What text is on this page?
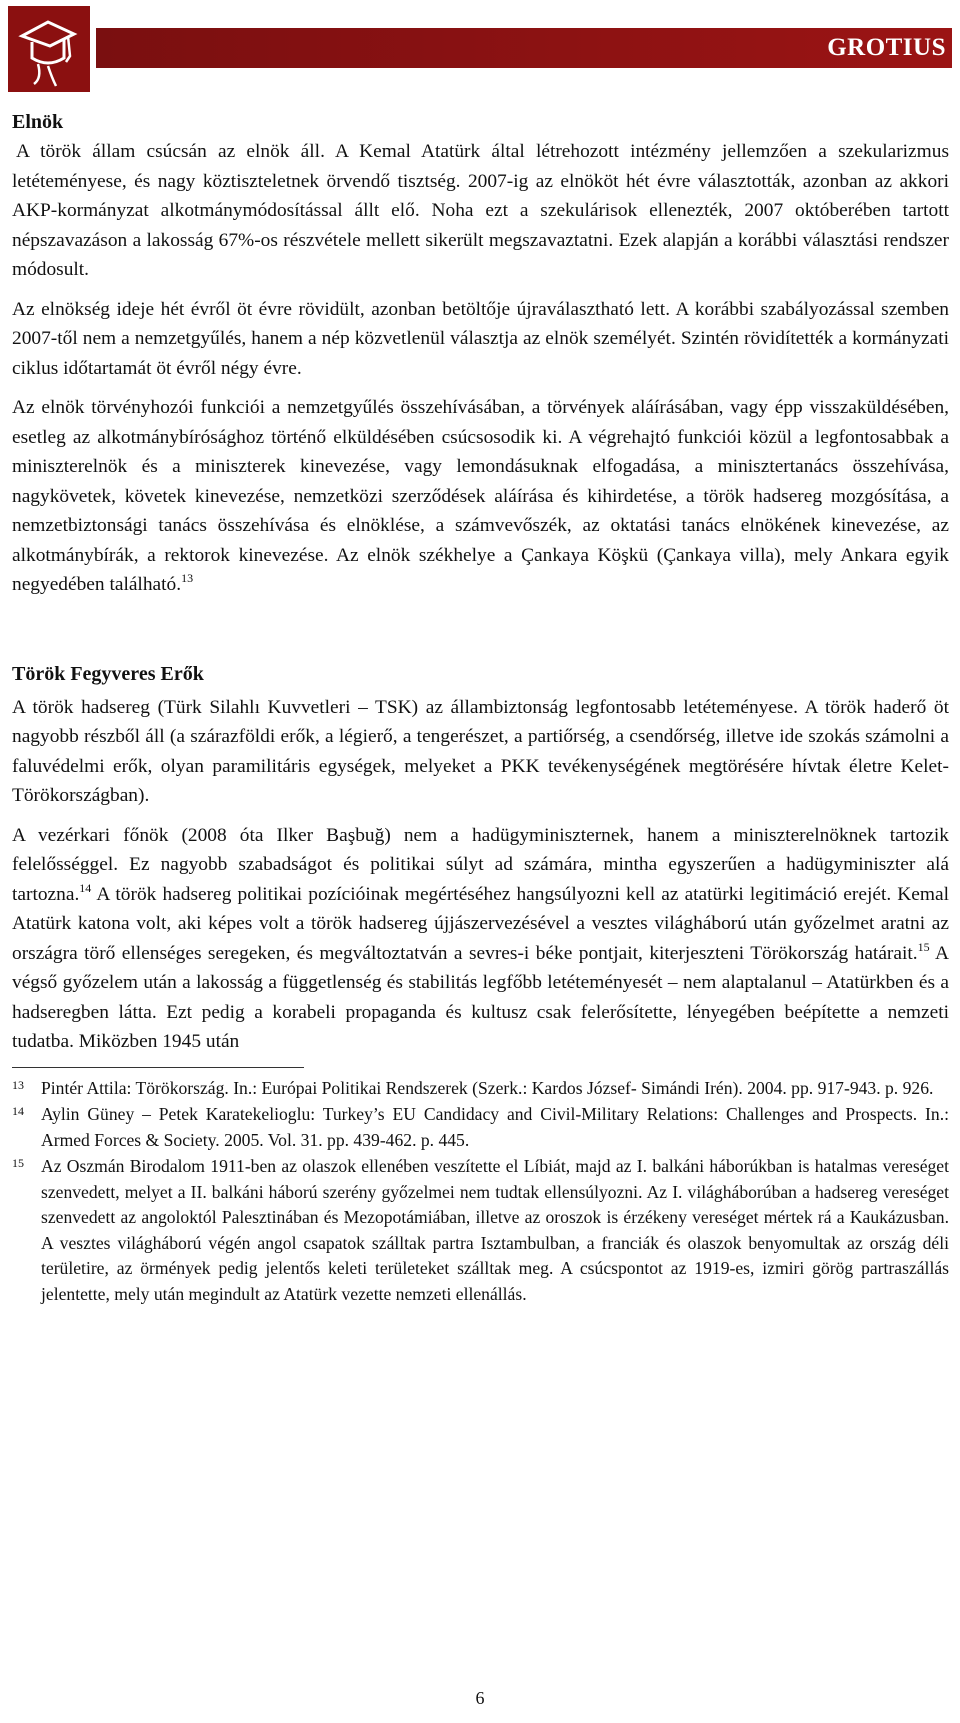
GROTIUS

Elnök

A török állam csúcsán az elnök áll. A Kemal Atatürk által létrehozott intézmény jellemzően a szekularizmus letéteményese, és nagy köztiszteletnek örvendő tisztség. 2007-ig az elnököt hét évre választották, azonban az akkori AKP-kormányzat alkotmánymódosítással állt elő. Noha ezt a szekulárisok ellenezték, 2007 októberében tartott népszavazáson a lakosság 67%-os részvétele mellett sikerült megszavaztatni. Ezek alapján a korábbi választási rendszer módosult.

Az elnökség ideje hét évről öt évre rövidült, azonban betöltője újraválasztható lett. A korábbi szabályozással szemben 2007-től nem a nemzetgyűlés, hanem a nép közvetlenül választja az elnök személyét. Szintén rövidítették a kormányzati ciklus időtartamát öt évről négy évre.

Az elnök törvényhozói funkciói a nemzetgyűlés összehívásában, a törvények aláírásában, vagy épp visszaküldésében, esetleg az alkotmánybírósághoz történő elküldésében csúcsosodik ki. A végrehajtó funkciói közül a legfontosabbak a miniszterelnök és a miniszterek kinevezése, vagy lemondásuknak elfogadása, a minisztertanács összehívása, nagykövetek, követek kinevezése, nemzetközi szerződések aláírása és kihirdetése, a török hadsereg mozgósítása, a nemzetbiztonsági tanács összehívása és elnöklése, a számvevőszék, az oktatási tanács elnökének kinevezése, az alkotmánybírák, a rektorok kinevezése. Az elnök székhelye a Çankaya Köşkü (Çankaya villa), mely Ankara egyik negyedében található.$^{13}$

Török Fegyveres Erők

A török hadsereg (Türk Silahlı Kuvvetleri – TSK) az állambiztonság legfontosabb letéteményese. A török haderő öt nagyobb részből áll (a szárazföldi erők, a légierő, a tengerészet, a partiőrség, a csendőrség, illetve ide szokás számolni a faluvédelmi erők, olyan paramilitáris egységek, melyeket a PKK tevékenységének megtörésére hívtak életre Kelet-Törökországban).

A vezérkari főnök (2008 óta Ilker Başbuğ) nem a hadügyminiszternek, hanem a miniszterelnöknek tartozik felelősséggel. Ez nagyobb szabadságot és politikai súlyt ad számára, mintha egyszerűen a hadügyminiszter alá tartozna.$^{14}$ A török hadsereg politikai pozícióinak megértéséhez hangsúlyozni kell az atatürki legitimáció erejét. Kemal Atatürk katona volt, aki képes volt a török hadsereg újjászervezésével a vesztes világháború után győzelmet aratni az országra törő ellenséges seregeken, és megváltoztatván a sevres-i béke pontjait, kiterjeszteni Törökország határait.$^{15}$ A végső győzelem után a lakosság a függetlenség és stabilitás legfőbb letéteményesét – nem alaptalanul – Atatürkben és a hadseregben látta. Ezt pedig a korabeli propaganda és kultusz csak felerősítette, lényegében beépítette a nemzeti tudatba. Miközben 1945 után

13 Pintér Attila: Törökország. In.: Európai Politikai Rendszerek (Szerk.: Kardos József- Simándi Irén). 2004. pp. 917-943. p. 926.
14 Aylin Güney – Petek Karatekelioglu: Turkey’s EU Candidacy and Civil-Military Relations: Challenges and Prospects. In.: Armed Forces & Society. 2005. Vol. 31. pp. 439-462. p. 445.
15 Az Oszmán Birodalom 1911-ben az olaszok ellenében veszítette el Líbiát, majd az I. balkáni háborúkban is hatalmas vereséget szenvedett, melyet a II. balkáni háború szerény győzelmei nem tudtak ellensúlyozni. Az I. világháborúban a hadsereg vereséget szenvedett az angoloktól Palesztinában és Mezopotámiában, illetve az oroszok is érzékeny vereséget mértek rá a Kaukázusban. A vesztes világháború végén angol csapatok szálltak partra Isztambulban, a franciák és olaszok benyomultak az ország déli területire, az örmények pedig jelentős keleti területeket szálltak meg. A csúcspontot az 1919-es, izmiri görög partraszállás jelentette, mely után megindult az Atatürk vezette nemzeti ellenállás.
6
